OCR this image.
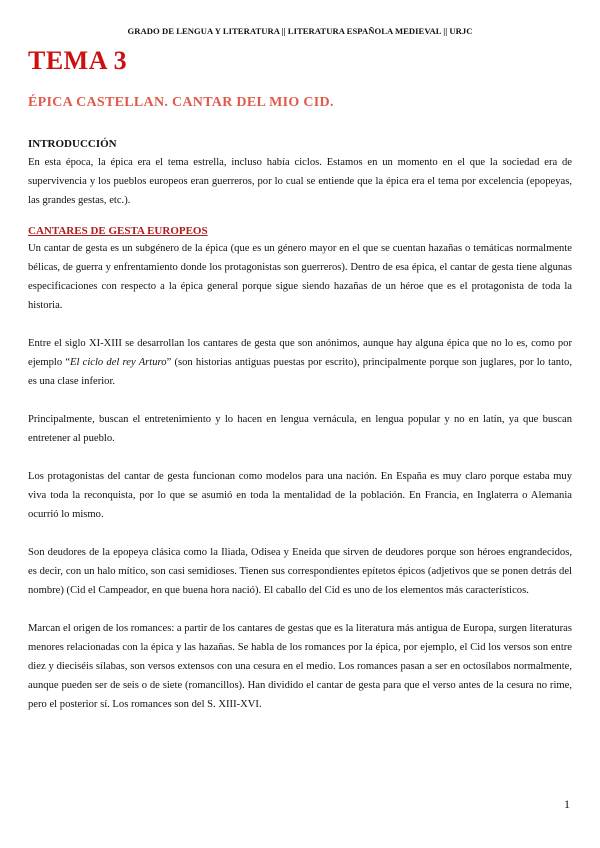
GRADO DE LENGUA Y LITERATURA || LITERATURA ESPAÑOLA MEDIEVAL || URJC
TEMA 3
ÉPICA CASTELLAN. CANTAR DEL MIO CID.

INTRODUCCIÓN

En esta época, la épica era el tema estrella, incluso había ciclos. Estamos en un momento en el que la sociedad era de supervivencia y los pueblos europeos eran guerreros, por lo cual se entiende que la épica era el tema por excelencia (epopeyas, las grandes gestas, etc.).

CANTARES DE GESTA EUROPEOS

Un cantar de gesta es un subgénero de la épica (que es un género mayor en el que se cuentan hazañas o temáticas normalmente bélicas, de guerra y enfrentamiento donde los protagonistas son guerreros). Dentro de esa épica, el cantar de gesta tiene algunas especificaciones con respecto a la épica general porque sigue siendo hazañas de un héroe que es el protagonista de toda la historia.

Entre el siglo XI-XIII se desarrollan los cantares de gesta que son anónimos, aunque hay alguna épica que no lo es, como por ejemplo “El ciclo del rey Arturo” (son historias antiguas puestas por escrito), principalmente porque son juglares, por lo tanto, es una clase inferior.

Principalmente, buscan el entretenimiento y lo hacen en lengua vernácula, en lengua popular y no en latín, ya que buscan entretener al pueblo.

Los protagonistas del cantar de gesta funcionan como modelos para una nación. En España es muy claro porque estaba muy viva toda la reconquista, por lo que se asumió en toda la mentalidad de la población. En Francia, en Inglaterra o Alemania ocurrió lo mismo.

Son deudores de la epopeya clásica como la Iliada, Odisea y Eneida que sirven de deudores porque son héroes engrandecidos, es decir, con un halo mítico, son casi semidioses. Tienen sus correspondientes epítetos épicos (adjetivos que se ponen detrás del nombre) (Cid el Campeador, en que buena hora nació). El caballo del Cid es uno de los elementos más característicos.

Marcan el origen de los romances: a partir de los cantares de gestas que es la literatura más antigua de Europa, surgen literaturas menores relacionadas con la épica y las hazañas. Se habla de los romances por la épica, por ejemplo, el Cid los versos son entre diez y dieciséis sílabas, son versos extensos con una cesura en el medio. Los romances pasan a ser en octosílabos normalmente, aunque pueden ser de seis o de siete (romancillos). Han dividido el cantar de gesta para que el verso antes de la cesura no rime, pero el posterior sí. Los romances son del S. XIII-XVI.

1
